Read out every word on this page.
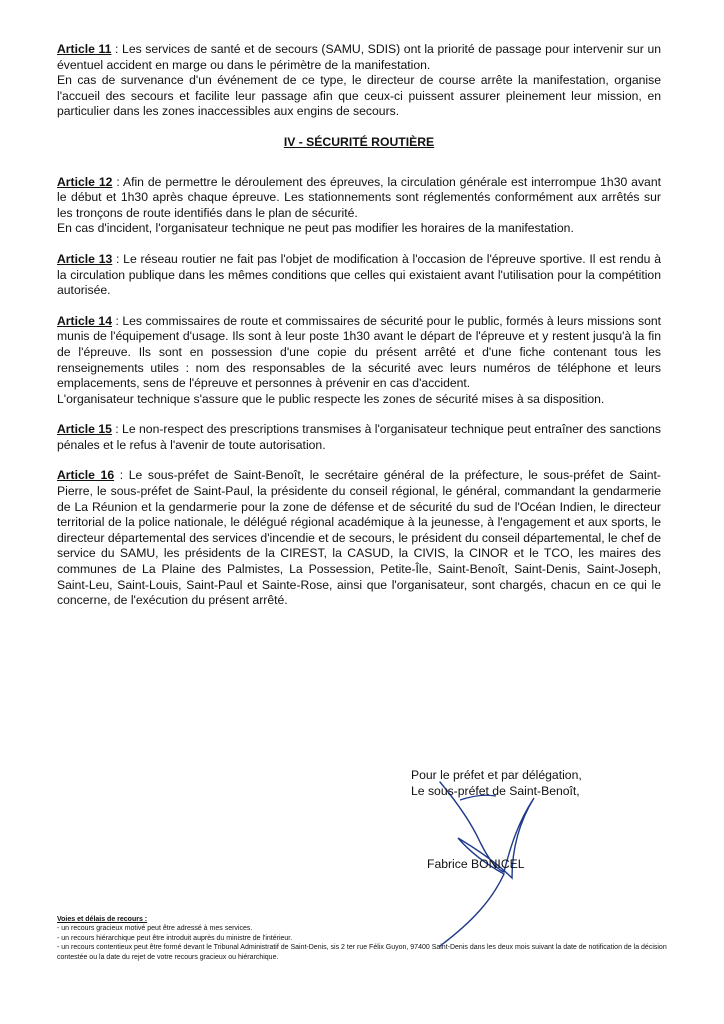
Article 11 : Les services de santé et de secours (SAMU, SDIS) ont la priorité de passage pour intervenir sur un éventuel accident en marge ou dans le périmètre de la manifestation.

En cas de survenance d'un événement de ce type, le directeur de course arrête la manifestation, organise l'accueil des secours et facilite leur passage afin que ceux-ci puissent assurer pleinement leur mission, en particulier dans les zones inaccessibles aux engins de secours.

IV - SÉCURITÉ ROUTIÈRE

Article 12 : Afin de permettre le déroulement des épreuves, la circulation générale est interrompue 1h30 avant le début et 1h30 après chaque épreuve. Les stationnements sont réglementés conformément aux arrêtés sur les tronçons de route identifiés dans le plan de sécurité.

En cas d'incident, l'organisateur technique ne peut pas modifier les horaires de la manifestation.

Article 13 : Le réseau routier ne fait pas l'objet de modification à l'occasion de l'épreuve sportive. Il est rendu à la circulation publique dans les mêmes conditions que celles qui existaient avant l'utilisation pour la compétition autorisée.

Article 14 : Les commissaires de route et commissaires de sécurité pour le public, formés à leurs missions sont munis de l'équipement d'usage. Ils sont à leur poste 1h30 avant le départ de l'épreuve et y restent jusqu'à la fin de l'épreuve. Ils sont en possession d'une copie du présent arrêté et d'une fiche contenant tous les renseignements utiles : nom des responsables de la sécurité avec leurs numéros de téléphone et leurs emplacements, sens de l'épreuve et personnes à prévenir en cas d'accident.

L'organisateur technique s'assure que le public respecte les zones de sécurité mises à sa disposition.

Article 15 : Le non-respect des prescriptions transmises à l'organisateur technique peut entraîner des sanctions pénales et le refus à l'avenir de toute autorisation.

Article 16 : Le sous-préfet de Saint-Benoît, le secrétaire général de la préfecture, le sous-préfet de Saint-Pierre, le sous-préfet de Saint-Paul, la présidente du conseil régional, le général, commandant la gendarmerie de La Réunion et la gendarmerie pour la zone de défense et de sécurité du sud de l'Océan Indien, le directeur territorial de la police nationale, le délégué régional académique à la jeunesse, à l'engagement et aux sports, le directeur départemental des services d'incendie et de secours, le président du conseil départemental, le chef de service du SAMU, les présidents de la CIREST, la CASUD, la CIVIS, la CINOR et le TCO, les maires des communes de La Plaine des Palmistes, La Possession, Petite-Île, Saint-Benoît, Saint-Denis, Saint-Joseph, Saint-Leu, Saint-Louis, Saint-Paul et Sainte-Rose, ainsi que l'organisateur, sont chargés, chacun en ce qui le concerne, de l'exécution du présent arrêté.

Pour le préfet et par délégation,
Le sous-préfet de Saint-Benoît,
Fabrice BONICEL
Voies et délais de recours :

- un recours gracieux motivé peut être adressé à mes services.

- un recours hiérarchique peut être introduit auprès du ministre de l'intérieur.

- un recours contentieux peut être formé devant le Tribunal Administratif de Saint-Denis, sis 2 ter rue Félix Guyon, 97400 Saint-Denis dans les deux mois suivant la date de notification de la décision contestée ou la date du rejet de votre recours gracieux ou hiérarchique.
